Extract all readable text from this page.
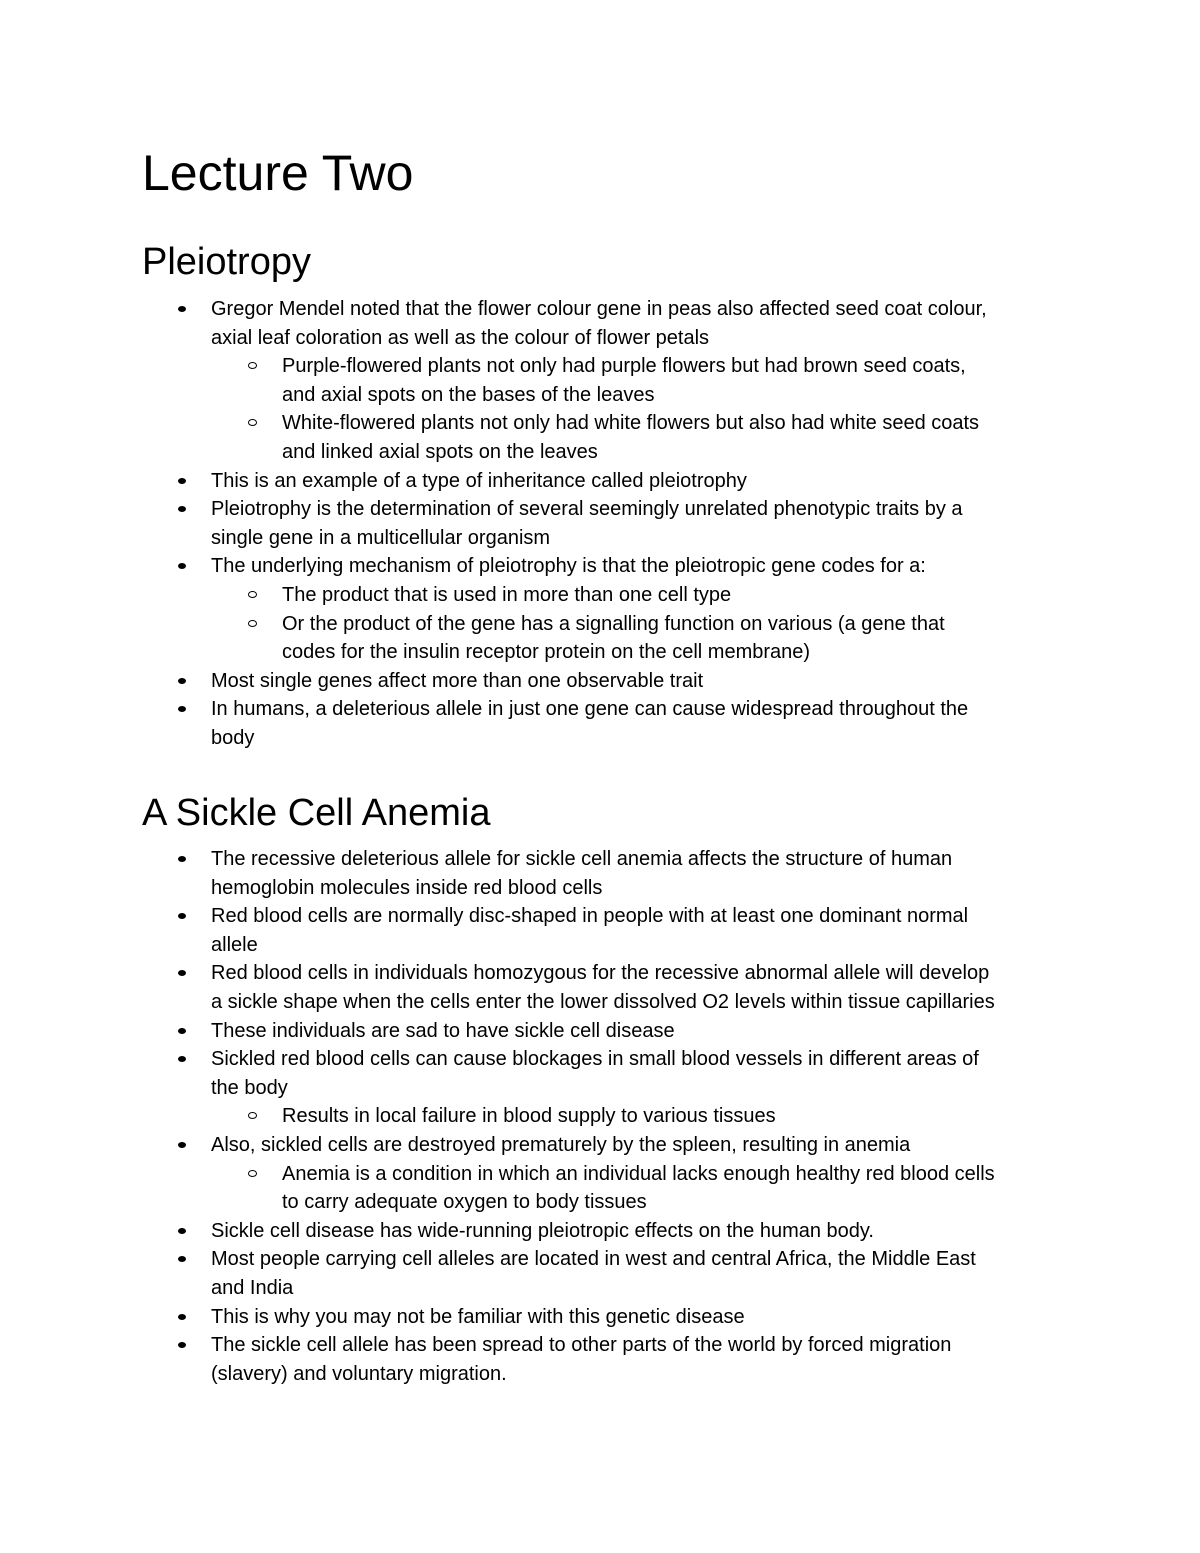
Lecture Two
Pleiotropy
Gregor Mendel noted that the flower colour gene in peas also affected seed coat colour,
axial leaf coloration as well as the colour of flower petals
Purple-flowered plants not only had purple flowers but had brown seed coats,
and axial spots on the bases of the leaves
White-flowered plants not only had white flowers but also had white seed coats
and linked axial spots on the leaves
This is an example of a type of inheritance called pleiotrophy
Pleiotrophy is the determination of several seemingly unrelated phenotypic traits by a
single gene in a multicellular organism
The underlying mechanism of pleiotrophy is that the pleiotropic gene codes for a:
The product that is used in more than one cell type
Or the product of the gene has a signalling function on various (a gene that
codes for the insulin receptor protein on the cell membrane)
Most single genes affect more than one observable trait
In humans, a deleterious allele in just one gene can cause widespread throughout the
body
A Sickle Cell Anemia
The recessive deleterious allele for sickle cell anemia affects the structure of human
hemoglobin molecules inside red blood cells
Red blood cells are normally disc-shaped in people with at least one dominant normal
allele
Red blood cells in individuals homozygous for the recessive abnormal allele will develop
a sickle shape when the cells enter the lower dissolved O2 levels within tissue capillaries
These individuals are sad to have sickle cell disease
Sickled red blood cells can cause blockages in small blood vessels in different areas of
the body
Results in local failure in blood supply to various tissues
Also, sickled cells are destroyed prematurely by the spleen, resulting in anemia
Anemia is a condition in which an individual lacks enough healthy red blood cells
to carry adequate oxygen to body tissues
Sickle cell disease has wide-running pleiotropic effects on the human body.
Most people carrying cell alleles are located in west and central Africa, the Middle East
and India
This is why you may not be familiar with this genetic disease
The sickle cell allele has been spread to other parts of the world by forced migration
(slavery) and voluntary migration.
